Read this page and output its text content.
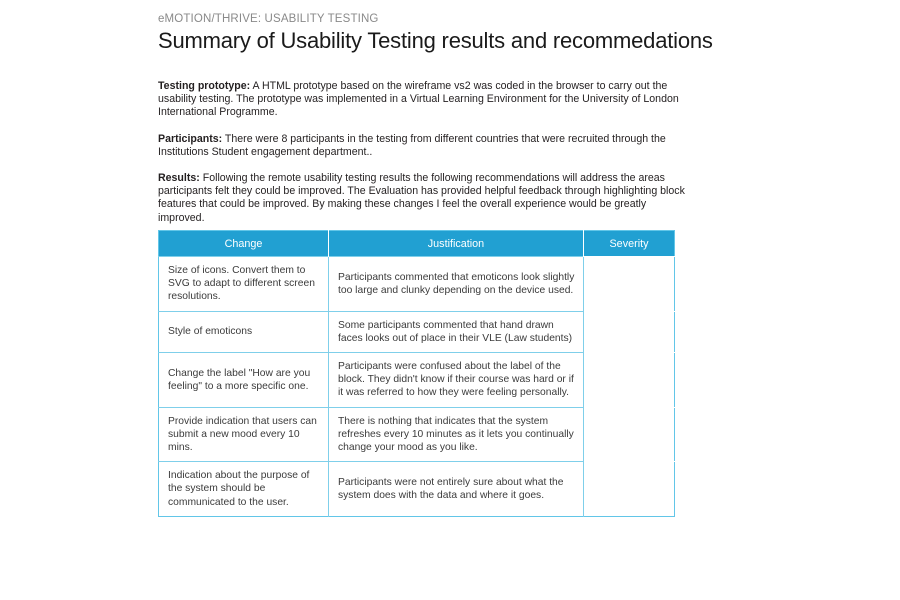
eMOTION/THRIVE: USABILITY TESTING

Summary of Usability Testing results and recommedations

Testing prototype: A HTML prototype based on the wireframe vs2 was coded in the browser to carry out the usability testing. The prototype was implemented in a Virtual Learning Environment for the University of London International Programme.

Participants: There were 8 participants in the testing from different countries that were recruited through the Institutions Student engagement department..

Results: Following the remote usability testing results the following recommendations will address the areas participants felt they could be improved. The Evaluation has provided helpful feedback through highlighting block features that could be improved. By making these changes I feel the overall experience would be greatly improved.

Change	Justification	Severity
Size of icons. Convert them to SVG to adapt to different screen resolutions.	Participants commented that emoticons look slightly too large and clunky depending on the device used.	Medium
Style of emoticons	Some participants commented that hand drawn faces looks out of place in their VLE (Law students)	Low
Change the label "How are you feeling" to a more specific one.	Participants were confused about the label of the block. They didn't know if their course was hard or if it was referred to how they were feeling personally.	High
Provide indication that users can submit a new mood every 10 mins.	There is nothing that indicates that the system refreshes every 10 minutes as it lets you continually change your mood as you like.	Medium
Indication about the purpose of the system should be communicated to the user.	Participants were not entirely sure about what the system does with the data and where it goes.	High
